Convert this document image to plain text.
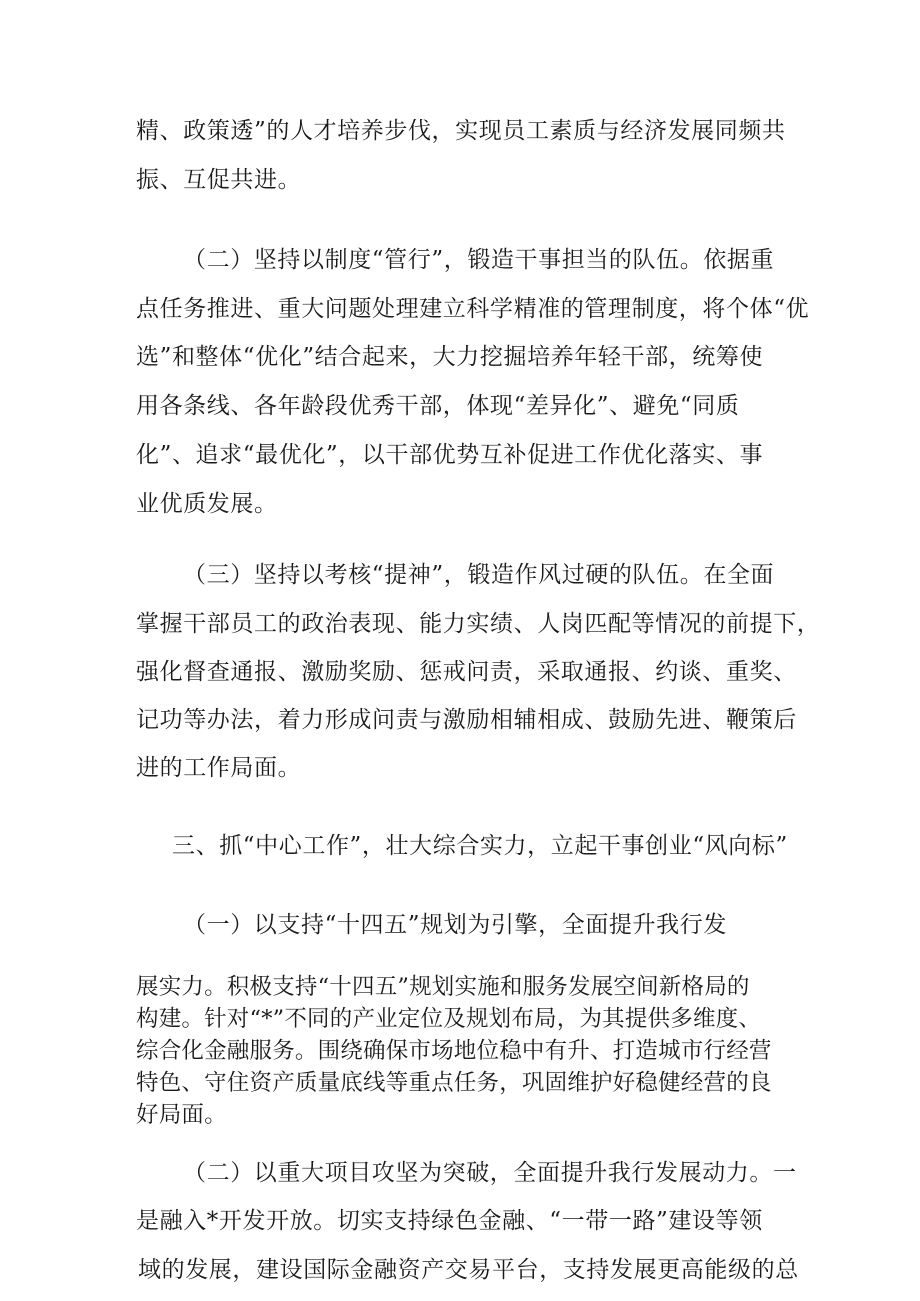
精、政策透”的人才培养步伐，实现员工素质与经济发展同频共
振、互促共进。
（二）坚持以制度“管行”，锻造干事担当的队伍。依据重
点任务推进、重大问题处理建立科学精准的管理制度，将个体“优
选”和整体“优化”结合起来，大力挖掘培养年轻干部，统筹使
用各条线、各年龄段优秀干部，体现“差异化”、避免“同质
化”、追求“最优化”，以干部优势互补促进工作优化落实、事
业优质发展。
（三）坚持以考核“提神”，锻造作风过硬的队伍。在全面
掌握干部员工的政治表现、能力实绩、人岗匹配等情况的前提下，
强化督查通报、激励奖励、惩戒问责，采取通报、约谈、重奖、
记功等办法，着力形成问责与激励相辅相成、鼓励先进、鞭策后
进的工作局面。
三、抓“中心工作”，壮大综合实力，立起干事创业“风向标”
（一）以支持“十四五”规划为引擎，全面提升我行发
展实力。积极支持“十四五”规划实施和服务发展空间新格局的
构建。针对“*”不同的产业定位及规划布局，为其提供多维度、
综合化金融服务。围绕确保市场地位稳中有升、打造城市行经营
特色、守住资产质量底线等重点任务，巩固维护好稳健经营的良
好局面。
（二）以重大项目攻坚为突破，全面提升我行发展动力。一
是融入*开发开放。切实支持绿色金融、“一带一路”建设等领
域的发展，建设国际金融资产交易平台，支持发展更高能级的总
